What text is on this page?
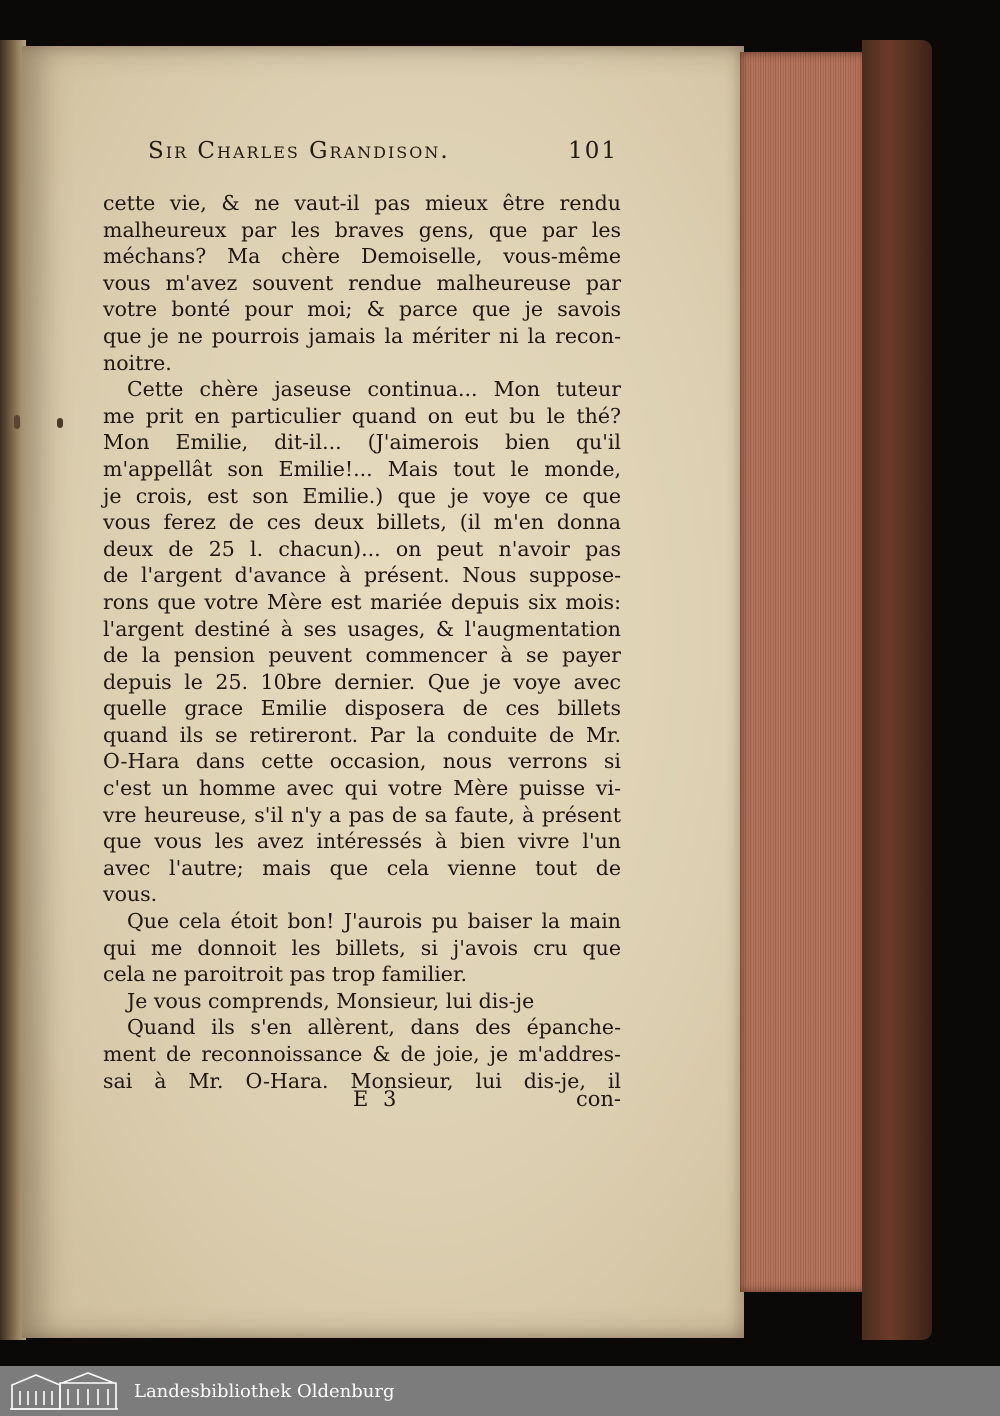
Sir Charles Grandison.	101
cette vie, & ne vaut-il pas mieux être rendu
malheureux par les braves gens, que par les
méchans? Ma chère Demoiselle, vous-même
vous m'avez souvent rendue malheureuse par
votre bonté pour moi; & parce que je savois
que je ne pourrois jamais la mériter ni la recon-
noitre.
Cette chère jaseuse continua... Mon tuteur
me prit en particulier quand on eut bu le thé?
Mon Emilie, dit-il... (J'aimerois bien qu'il
m'appellât son Emilie!... Mais tout le monde,
je crois, est son Emilie.) que je voye ce que
vous ferez de ces deux billets, (il m'en donna
deux de 25 l. chacun)... on peut n'avoir pas
de l'argent d'avance à présent. Nous suppose-
rons que votre Mère est mariée depuis six mois:
l'argent destiné à ses usages, & l'augmentation
de la pension peuvent commencer à se payer
depuis le 25. 10bre dernier. Que je voye avec
quelle grace Emilie disposera de ces billets
quand ils se retireront. Par la conduite de Mr.
O-Hara dans cette occasion, nous verrons si
c'est un homme avec qui votre Mère puisse vi-
vre heureuse, s'il n'y a pas de sa faute, à présent
que vous les avez intéressés à bien vivre l'un
avec l'autre; mais que cela vienne tout de
vous.
Que cela étoit bon! J'aurois pu baiser la main
qui me donnoit les billets, si j'avois cru que
cela ne paroitroit pas trop familier.
Je vous comprends, Monsieur, lui dis-je
Quand ils s'en allèrent, dans des épanche-
ment de reconnoissance & de joie, je m'addres-
sai à Mr. O-Hara. Monsieur, lui dis-je, il
E 3	con-
Landesbibliothek Oldenburg
